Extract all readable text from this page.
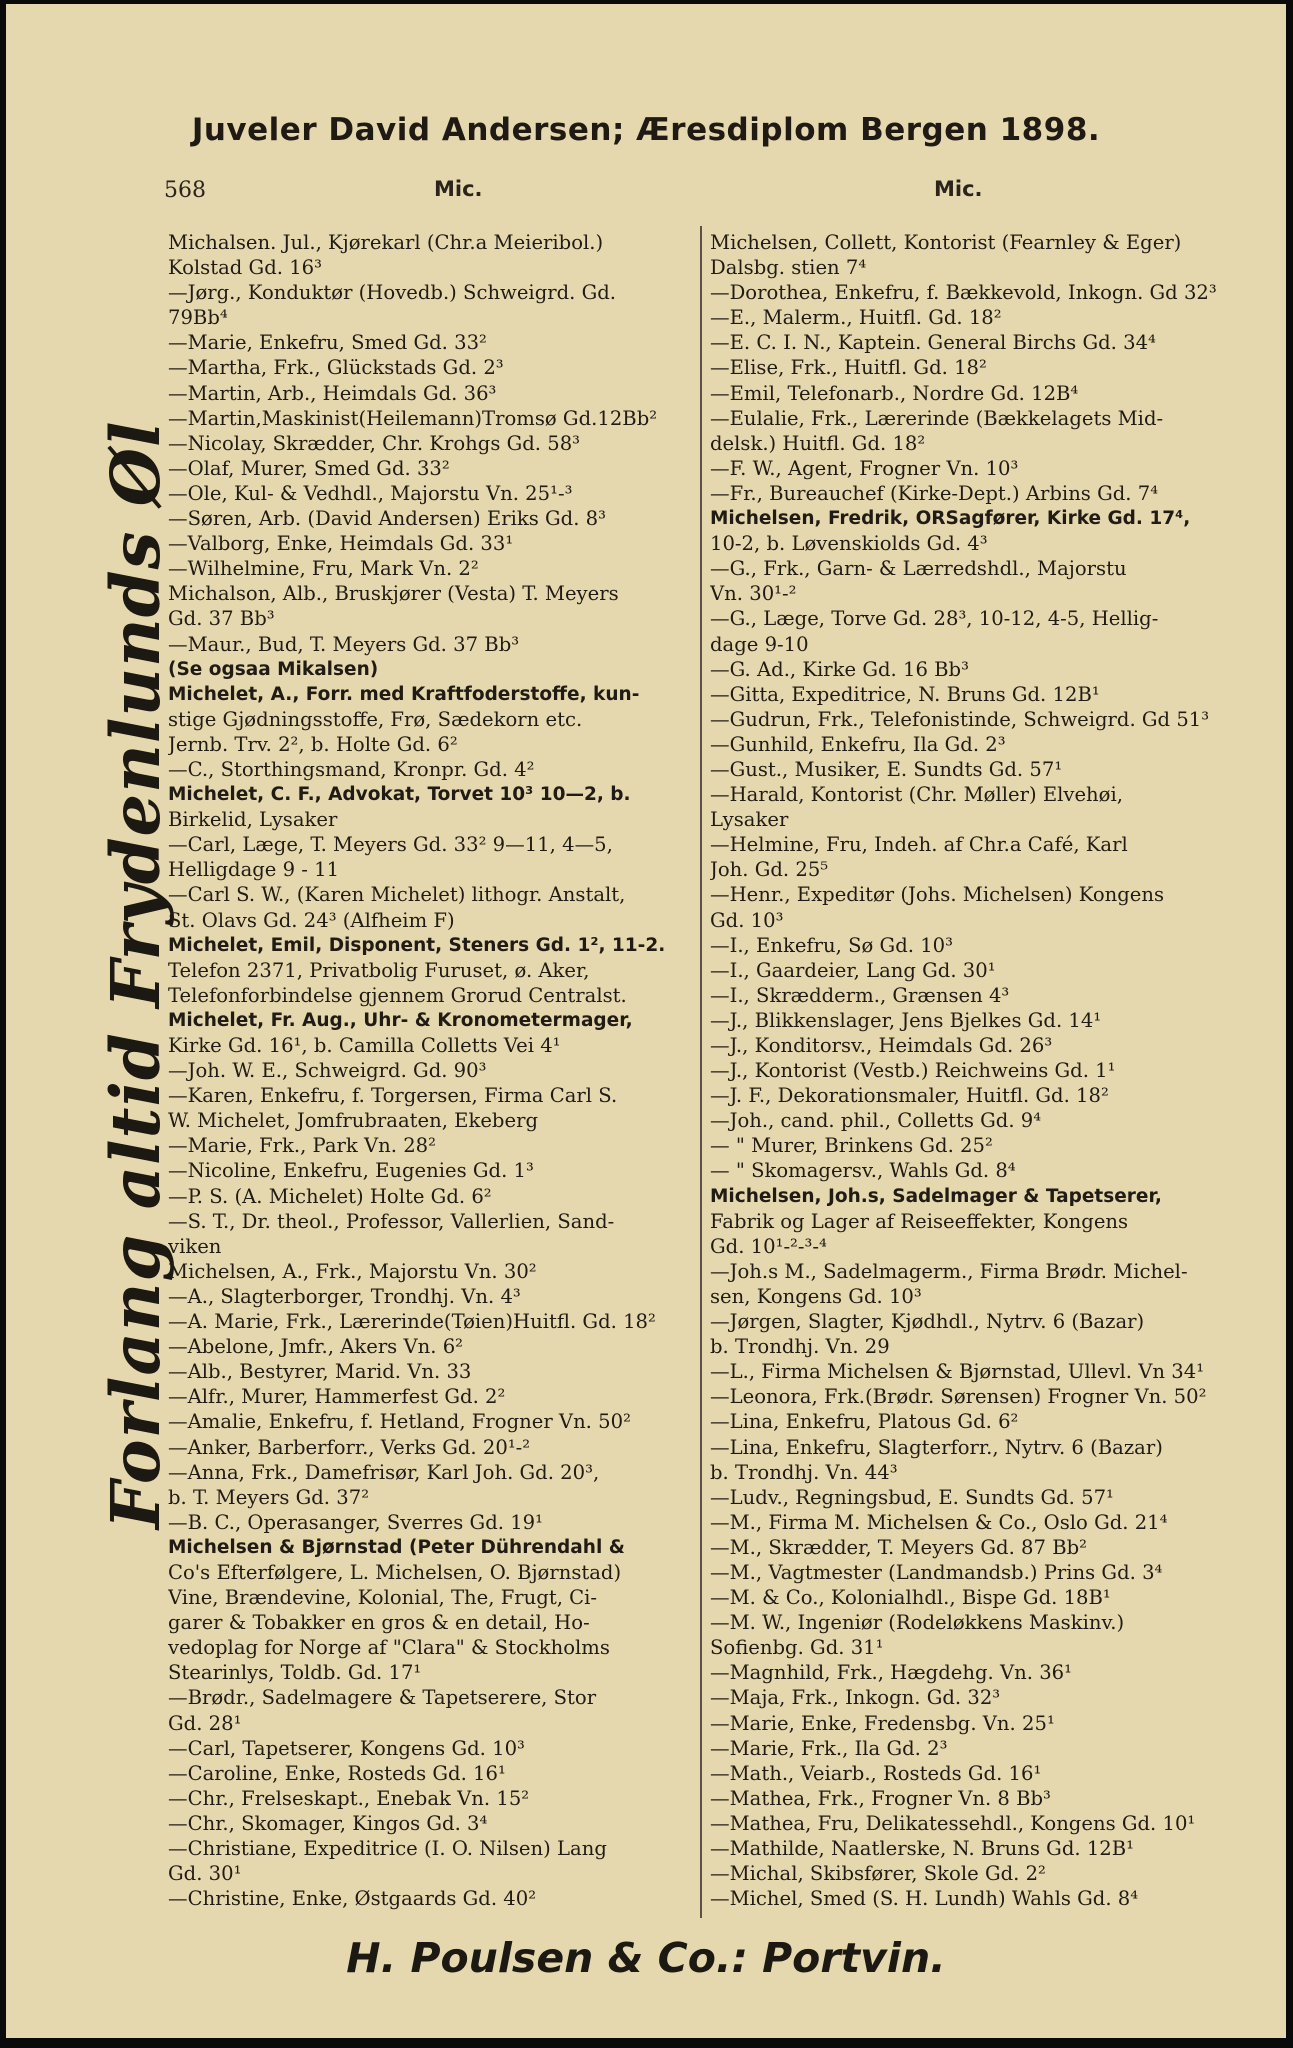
Juveler David Andersen; Æresdiplom Bergen 1898.
568	Mic.	Mic.
Forlang altid Frydenlunds Øl
Michalsen. Jul., Kjørekarl (Chr.a Meieribol.)
Kolstad Gd. 16³
—Jørg., Konduktør (Hovedb.) Schweigrd. Gd.
79Bb⁴
—Marie, Enkefru, Smed Gd. 33²
—Martha, Frk., Glückstads Gd. 2³
—Martin, Arb., Heimdals Gd. 36³
—Martin,Maskinist(Heilemann)Tromsø Gd.12Bb²
—Nicolay, Skrædder, Chr. Krohgs Gd. 58³
—Olaf, Murer, Smed Gd. 33²
—Ole, Kul- & Vedhdl., Majorstu Vn. 25¹-³
—Søren, Arb. (David Andersen) Eriks Gd. 8³
—Valborg, Enke, Heimdals Gd. 33¹
—Wilhelmine, Fru, Mark Vn. 2²
Michalson, Alb., Bruskjører (Vesta) T. Meyers
Gd. 37 Bb³
—Maur., Bud, T. Meyers Gd. 37 Bb³
(Se ogsaa Mikalsen)
Michelet, A., Forr. med Kraftfoderstoffe, kun-
stige Gjødningsstoffe, Frø, Sædekorn etc.
Jernb. Trv. 2², b. Holte Gd. 6²
—C., Storthingsmand, Kronpr. Gd. 4²
Michelet, C. F., Advokat, Torvet 10³ 10—2, b.
Birkelid, Lysaker
—Carl, Læge, T. Meyers Gd. 33² 9—11, 4—5,
Helligdage 9 - 11
—Carl S. W., (Karen Michelet) lithogr. Anstalt,
St. Olavs Gd. 24³ (Alfheim F)
Michelet, Emil, Disponent, Steners Gd. 1², 11-2.
Telefon 2371, Privatbolig Furuset, ø. Aker,
Telefonforbindelse gjennem Grorud Centralst.
Michelet, Fr. Aug., Uhr- & Kronometermager,
Kirke Gd. 16¹, b. Camilla Colletts Vei 4¹
—Joh. W. E., Schweigrd. Gd. 90³
—Karen, Enkefru, f. Torgersen, Firma Carl S.
W. Michelet, Jomfrubraaten, Ekeberg
—Marie, Frk., Park Vn. 28²
—Nicoline, Enkefru, Eugenies Gd. 1³
—P. S. (A. Michelet) Holte Gd. 6²
—S. T., Dr. theol., Professor, Vallerlien, Sand-
viken
Michelsen, A., Frk., Majorstu Vn. 30²
—A., Slagterborger, Trondhj. Vn. 4³
—A. Marie, Frk., Lærerinde(Tøien)Huitfl. Gd. 18²
—Abelone, Jmfr., Akers Vn. 6²
—Alb., Bestyrer, Marid. Vn. 33
—Alfr., Murer, Hammerfest Gd. 2²
—Amalie, Enkefru, f. Hetland, Frogner Vn. 50²
—Anker, Barberforr., Verks Gd. 20¹-²
—Anna, Frk., Damefrisør, Karl Joh. Gd. 20³,
b. T. Meyers Gd. 37²
—B. C., Operasanger, Sverres Gd. 19¹
Michelsen & Bjørnstad (Peter Dührendahl &
Co's Efterfølgere, L. Michelsen, O. Bjørnstad)
Vine, Brændevine, Kolonial, The, Frugt, Ci-
garer & Tobakker en gros & en detail, Ho-
vedoplag for Norge af "Clara" & Stockholms
Stearinlys, Toldb. Gd. 17¹
—Brødr., Sadelmagere & Tapetserere, Stor
Gd. 28¹
—Carl, Tapetserer, Kongens Gd. 10³
—Caroline, Enke, Rosteds Gd. 16¹
—Chr., Frelseskapt., Enebak Vn. 15²
—Chr., Skomager, Kingos Gd. 3⁴
—Christiane, Expeditrice (I. O. Nilsen) Lang
Gd. 30¹
—Christine, Enke, Østgaards Gd. 40²
Michelsen, Collett, Kontorist (Fearnley & Eger)
Dalsbg. stien 7⁴
—Dorothea, Enkefru, f. Bækkevold, Inkogn. Gd 32³
—E., Malerm., Huitfl. Gd. 18²
—E. C. I. N., Kaptein. General Birchs Gd. 34⁴
—Elise, Frk., Huitfl. Gd. 18²
—Emil, Telefonarb., Nordre Gd. 12B⁴
—Eulalie, Frk., Lærerinde (Bækkelagets Mid-
delsk.) Huitfl. Gd. 18²
—F. W., Agent, Frogner Vn. 10³
—Fr., Bureauchef (Kirke-Dept.) Arbins Gd. 7⁴
Michelsen, Fredrik, ORSagfører, Kirke Gd. 17⁴,
10-2, b. Løvenskiolds Gd. 4³
—G., Frk., Garn- & Lærredshdl., Majorstu
Vn. 30¹-²
—G., Læge, Torve Gd. 28³, 10-12, 4-5, Hellig-
dage 9-10
—G. Ad., Kirke Gd. 16 Bb³
—Gitta, Expeditrice, N. Bruns Gd. 12B¹
—Gudrun, Frk., Telefonistinde, Schweigrd. Gd 51³
—Gunhild, Enkefru, Ila Gd. 2³
—Gust., Musiker, E. Sundts Gd. 57¹
—Harald, Kontorist (Chr. Møller) Elvehøi,
Lysaker
—Helmine, Fru, Indeh. af Chr.a Café, Karl
Joh. Gd. 25⁵
—Henr., Expeditør (Johs. Michelsen) Kongens
Gd. 10³
—I., Enkefru, Sø Gd. 10³
—I., Gaardeier, Lang Gd. 30¹
—I., Skrædderm., Grænsen 4³
—J., Blikkenslager, Jens Bjelkes Gd. 14¹
—J., Konditorsv., Heimdals Gd. 26³
—J., Kontorist (Vestb.) Reichweins Gd. 1¹
—J. F., Dekorationsmaler, Huitfl. Gd. 18²
—Joh., cand. phil., Colletts Gd. 9⁴
— " Murer, Brinkens Gd. 25²
— " Skomagersv., Wahls Gd. 8⁴
Michelsen, Joh.s, Sadelmager & Tapetserer,
Fabrik og Lager af Reiseeffekter, Kongens
Gd. 10¹-²-³-⁴
—Joh.s M., Sadelmagerm., Firma Brødr. Michel-
sen, Kongens Gd. 10³
—Jørgen, Slagter, Kjødhdl., Nytrv. 6 (Bazar)
b. Trondhj. Vn. 29
—L., Firma Michelsen & Bjørnstad, Ullevl. Vn 34¹
—Leonora, Frk.(Brødr. Sørensen) Frogner Vn. 50²
—Lina, Enkefru, Platous Gd. 6²
—Lina, Enkefru, Slagterforr., Nytrv. 6 (Bazar)
b. Trondhj. Vn. 44³
—Ludv., Regningsbud, E. Sundts Gd. 57¹
—M., Firma M. Michelsen & Co., Oslo Gd. 21⁴
—M., Skrædder, T. Meyers Gd. 87 Bb²
—M., Vagtmester (Landmandsb.) Prins Gd. 3⁴
—M. & Co., Kolonialhdl., Bispe Gd. 18B¹
—M. W., Ingeniør (Rodeløkkens Maskinv.)
Sofienbg. Gd. 31¹
—Magnhild, Frk., Hægdehg. Vn. 36¹
—Maja, Frk., Inkogn. Gd. 32³
—Marie, Enke, Fredensbg. Vn. 25¹
—Marie, Frk., Ila Gd. 2³
—Math., Veiarb., Rosteds Gd. 16¹
—Mathea, Frk., Frogner Vn. 8 Bb³
—Mathea, Fru, Delikatessehdl., Kongens Gd. 10¹
—Mathilde, Naatlerske, N. Bruns Gd. 12B¹
—Michal, Skibsfører, Skole Gd. 2²
—Michel, Smed (S. H. Lundh) Wahls Gd. 8⁴
H. Poulsen & Co.: Portvin.
